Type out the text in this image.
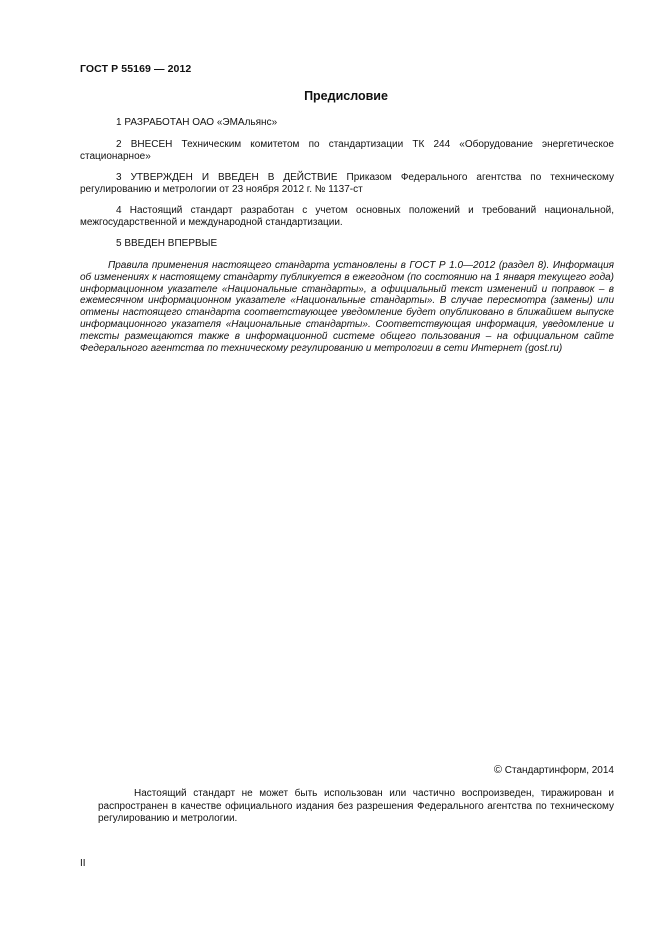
ГОСТ Р 55169 — 2012
Предисловие

1 РАЗРАБОТАН ОАО «ЭМАльянс»

2 ВНЕСЕН Техническим комитетом по стандартизации ТК 244 «Оборудование энергетическое стационарное»

3 УТВЕРЖДЕН И ВВЕДЕН В ДЕЙСТВИЕ Приказом Федерального агентства по техническому регулированию и метрологии от 23 ноября 2012 г. № 1137-ст

4 Настоящий стандарт разработан с учетом основных положений и требований национальной, межгосударственной и международной стандартизации.

5 ВВЕДЕН ВПЕРВЫЕ

Правила применения настоящего стандарта установлены в ГОСТ Р 1.0—2012 (раздел 8). Информация об изменениях к настоящему стандарту публикуется в ежегодном (по состоянию на 1 января текущего года) информационном указателе «Национальные стандарты», а официальный текст изменений и поправок – в ежемесячном информационном указателе «Национальные стандарты». В случае пересмотра (замены) или отмены настоящего стандарта соответствующее уведомление будет опубликовано в ближайшем выпуске информационного указателя «Национальные стандарты». Соответствующая информация, уведомление и тексты размещаются также в информационной системе общего пользования – на официальном сайте Федерального агентства по техническому регулированию и метрологии в сети Интернет (gost.ru)

© Стандартинформ, 2014

Настоящий стандарт не может быть использован или частично воспроизведен, тиражирован и распространен в качестве официального издания без разрешения Федерального агентства по техническому регулированию и метрологии.

II
